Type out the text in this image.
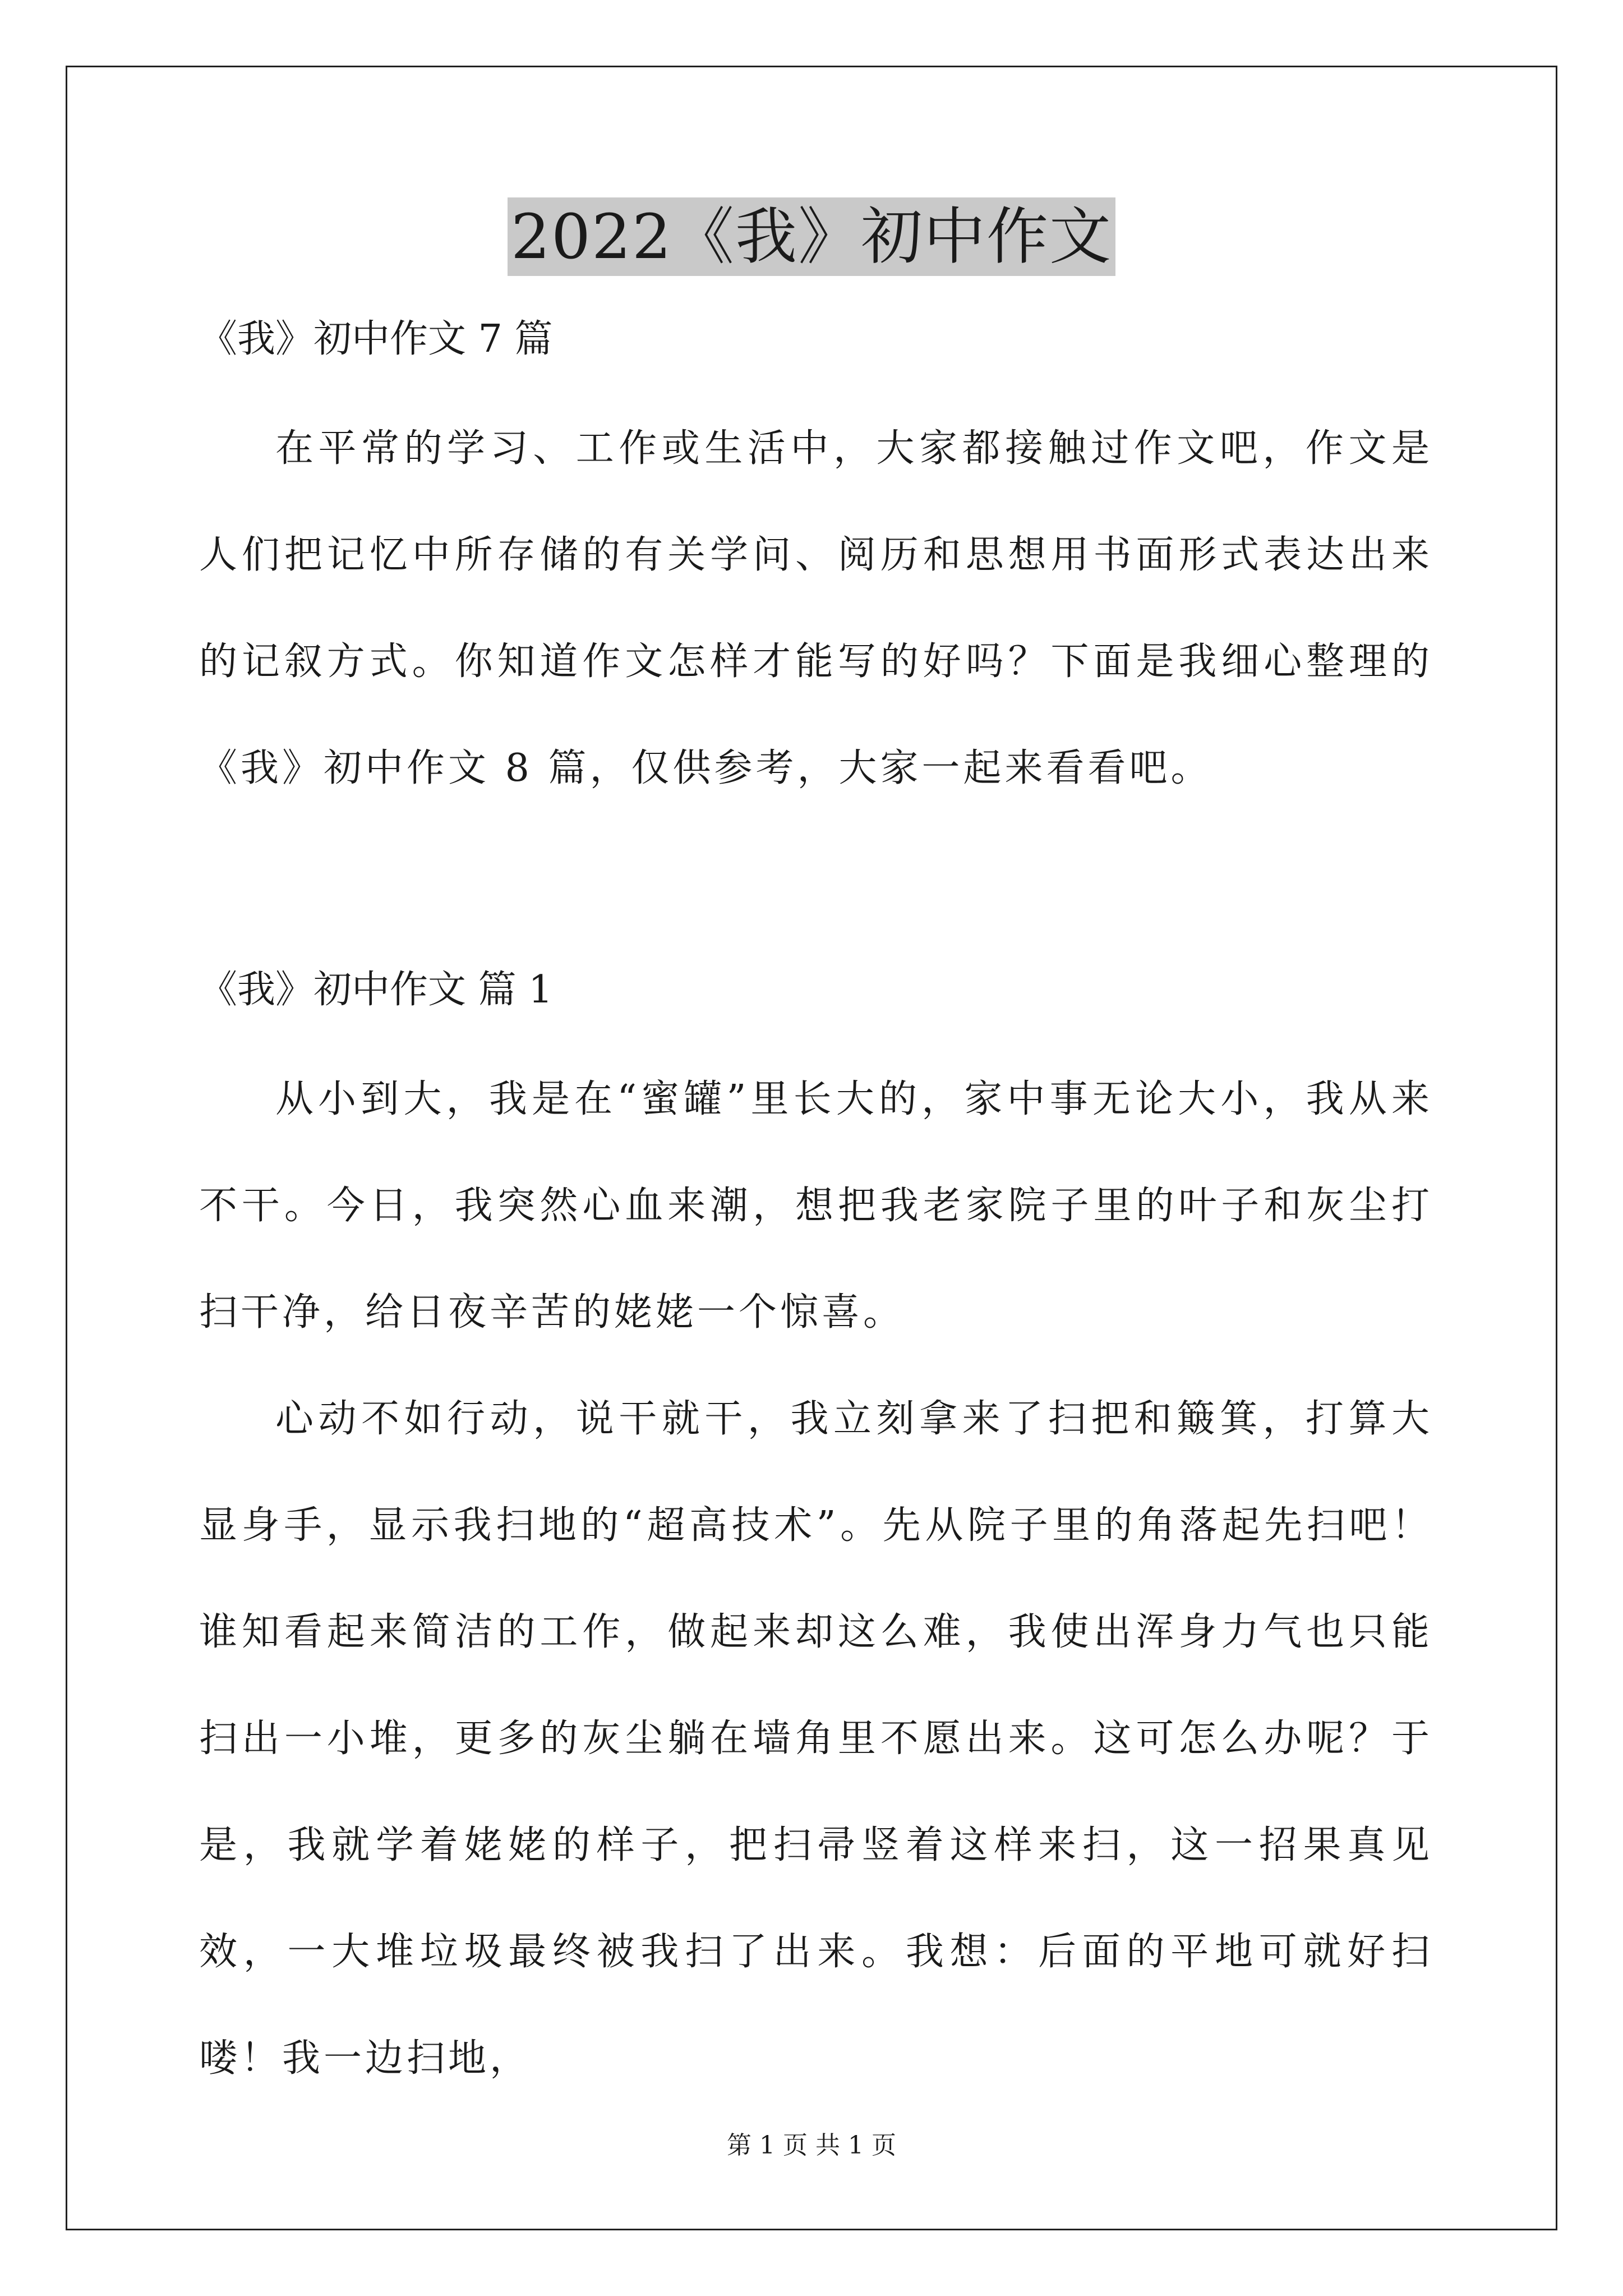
2022《我》初中作文

《我》初中作文 7 篇

在平常的学习、工作或生活中，大家都接触过作文吧，作文是人们把记忆中所存储的有关学问、阅历和思想用书面形式表达出来的记叙方式。你知道作文怎样才能写的好吗？下面是我细心整理的《我》初中作文 8 篇，仅供参考，大家一起来看看吧。

《我》初中作文 篇 1

从小到大，我是在“蜜罐”里长大的，家中事无论大小，我从来不干。今日，我突然心血来潮，想把我老家院子里的叶子和灰尘打扫干净，给日夜辛苦的姥姥一个惊喜。

心动不如行动，说干就干，我立刻拿来了扫把和簸箕，打算大显身手，显示我扫地的“超高技术”。先从院子里的角落起先扫吧！谁知看起来简洁的工作，做起来却这么难，我使出浑身力气也只能扫出一小堆，更多的灰尘躺在墙角里不愿出来。这可怎么办呢？于是，我就学着姥姥的样子，把扫帚竖着这样来扫，这一招果真见效，一大堆垃圾最终被我扫了出来。我想：后面的平地可就好扫喽！我一边扫地，

第 1 页 共 1 页
